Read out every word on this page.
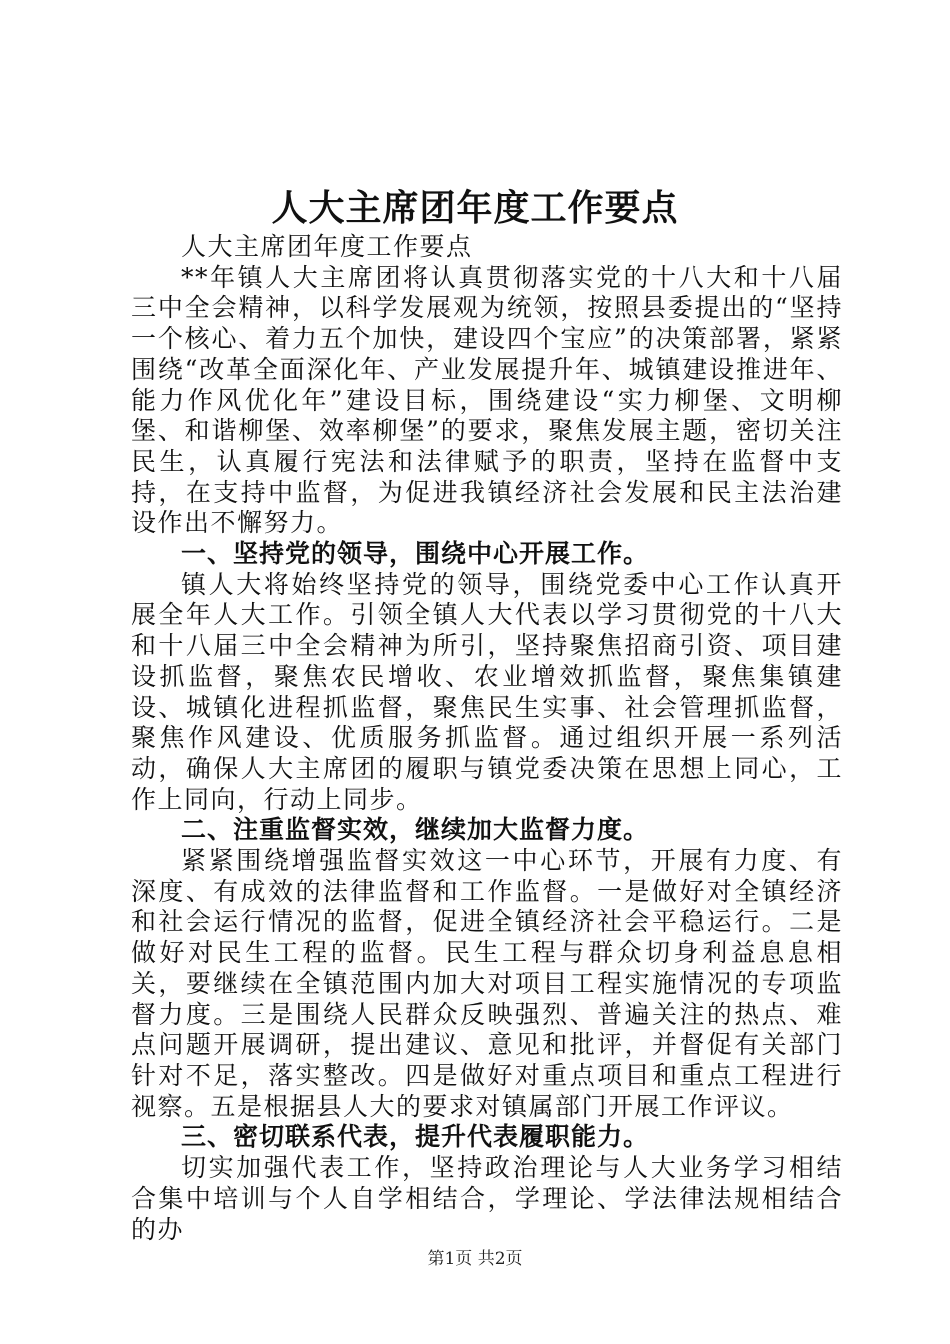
人大主席团年度工作要点

人大主席团年度工作要点

**年镇人大主席团将认真贯彻落实党的十八大和十八届三中全会精神，以科学发展观为统领，按照县委提出的“坚持一个核心、着力五个加快，建设四个宝应”的决策部署，紧紧围绕“改革全面深化年、产业发展提升年、城镇建设推进年、能力作风优化年”建设目标，围绕建设“实力柳堡、文明柳堡、和谐柳堡、效率柳堡”的要求，聚焦发展主题，密切关注民生，认真履行宪法和法律赋予的职责，坚持在监督中支持，在支持中监督，为促进我镇经济社会发展和民主法治建设作出不懈努力。

一、坚持党的领导，围绕中心开展工作。

镇人大将始终坚持党的领导，围绕党委中心工作认真开展全年人大工作。引领全镇人大代表以学习贯彻党的十八大和十八届三中全会精神为所引，坚持聚焦招商引资、项目建设抓监督，聚焦农民增收、农业增效抓监督，聚焦集镇建设、城镇化进程抓监督，聚焦民生实事、社会管理抓监督，聚焦作风建设、优质服务抓监督。通过组织开展一系列活动，确保人大主席团的履职与镇党委决策在思想上同心，工作上同向，行动上同步。

二、注重监督实效，继续加大监督力度。

紧紧围绕增强监督实效这一中心环节，开展有力度、有深度、有成效的法律监督和工作监督。一是做好对全镇经济和社会运行情况的监督，促进全镇经济社会平稳运行。二是做好对民生工程的监督。民生工程与群众切身利益息息相关，要继续在全镇范围内加大对项目工程实施情况的专项监督力度。三是围绕人民群众反映强烈、普遍关注的热点、难点问题开展调研，提出建议、意见和批评，并督促有关部门针对不足，落实整改。四是做好对重点项目和重点工程进行视察。五是根据县人大的要求对镇属部门开展工作评议。

三、密切联系代表，提升代表履职能力。

切实加强代表工作，坚持政治理论与人大业务学习相结合集中培训与个人自学相结合，学理论、学法律法规相结合的办

第1页 共2页
